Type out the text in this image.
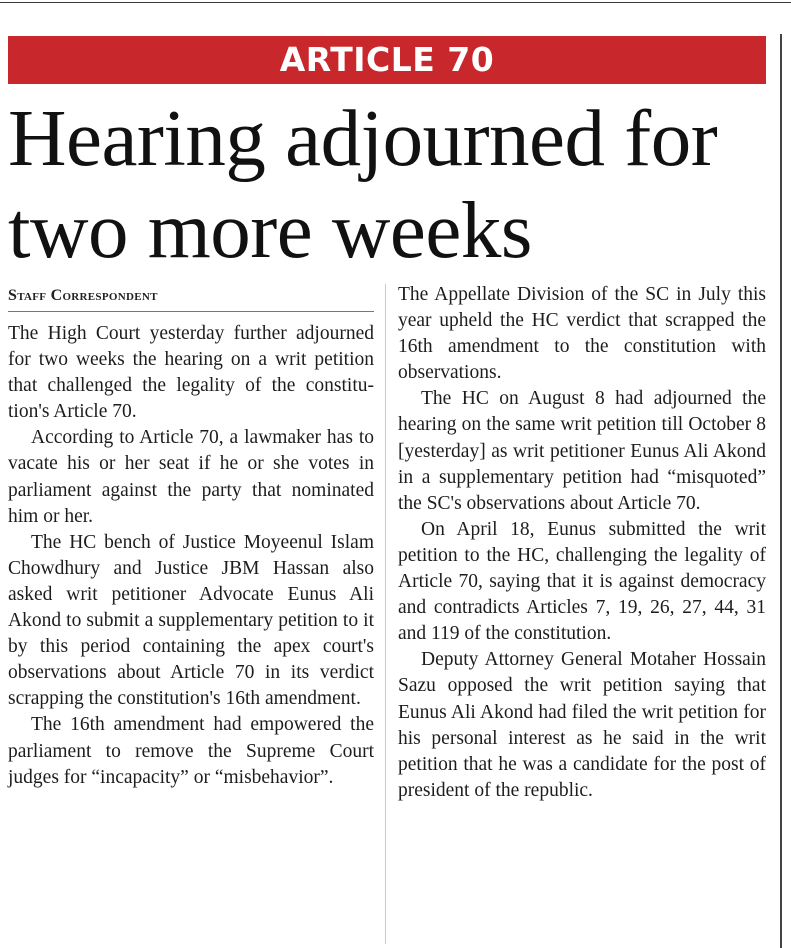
ARTICLE 70
Hearing adjourned for two more weeks
Staff Correspondent

The High Court yesterday further adjourned for two weeks the hearing on a writ petition that challenged the legality of the constitution's Article 70.

According to Article 70, a lawmaker has to vacate his or her seat if he or she votes in parliament against the party that nominated him or her.

The HC bench of Justice Moyeenul Islam Chowdhury and Justice JBM Hassan also asked writ petitioner Advocate Eunus Ali Akond to submit a supplementary petition to it by this period containing the apex court's observations about Article 70 in its verdict scrapping the constitution's 16th amendment.

The 16th amendment had empowered the parliament to remove the Supreme Court judges for “incapacity” or “misbehavior”.

The Appellate Division of the SC in July this year upheld the HC verdict that scrapped the 16th amendment to the constitution with observations.

The HC on August 8 had adjourned the hearing on the same writ petition till October 8 [yesterday] as writ petitioner Eunus Ali Akond in a supplementary petition had “misquoted” the SC's observations about Article 70.

On April 18, Eunus submitted the writ petition to the HC, challenging the legality of Article 70, saying that it is against democracy and contradicts Articles 7, 19, 26, 27, 44, 31 and 119 of the constitution.

Deputy Attorney General Motaher Hossain Sazu opposed the writ petition saying that Eunus Ali Akond had filed the writ petition for his personal interest as he said in the writ petition that he was a candidate for the post of president of the republic.
